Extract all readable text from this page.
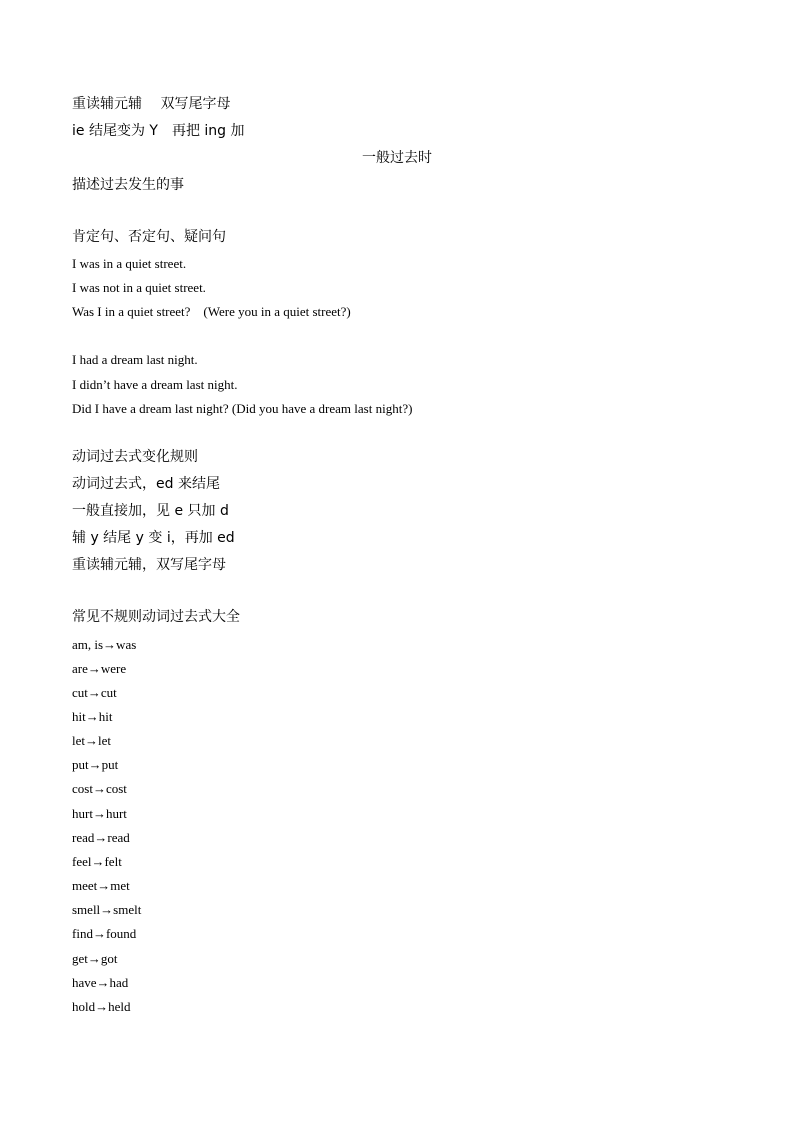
重读辅元辅　 双写尾字母
ie 结尾变为 Y　再把 ing 加
一般过去时
描述过去发生的事
肯定句、否定句、疑问句
I was in a quiet street.
I was not in a quiet street.
Was I in a quiet street?　(Were you in a quiet street?)
I had a dream last night.
I didn’t have a dream last night.
Did I have a dream last night? (Did you have a dream last night?)
动词过去式变化规则
动词过去式，ed 来结尾
一般直接加，见 e 只加 d
辅 y 结尾 y 变 i，再加 ed
重读辅元辅，双写尾字母
常见不规则动词过去式大全
am, is→was
are→were
cut→cut
hit→hit
let→let
put→put
cost→cost
hurt→hurt
read→read
feel→felt
meet→met
smell→smelt
find→found
get→got
have→had
hold→held
